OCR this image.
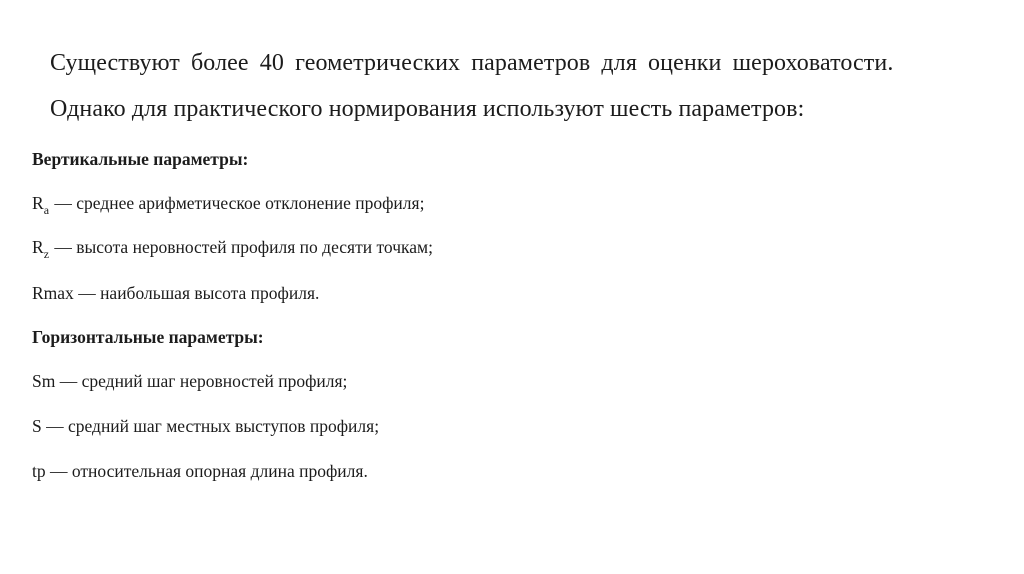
Существуют более 40 геометрических параметров для оценки шероховатости.
Однако для практического нормирования используют шесть параметров:
Вертикальные параметры:
$R_a$ — среднее арифметическое отклонение профиля;
$R_z$ — высота неровностей профиля по десяти точкам;
Rmax — наибольшая высота профиля.
Горизонтальные параметры:
Sm — средний шаг неровностей профиля;
S — средний шаг местных выступов профиля;
tp — относительная опорная длина профиля.
